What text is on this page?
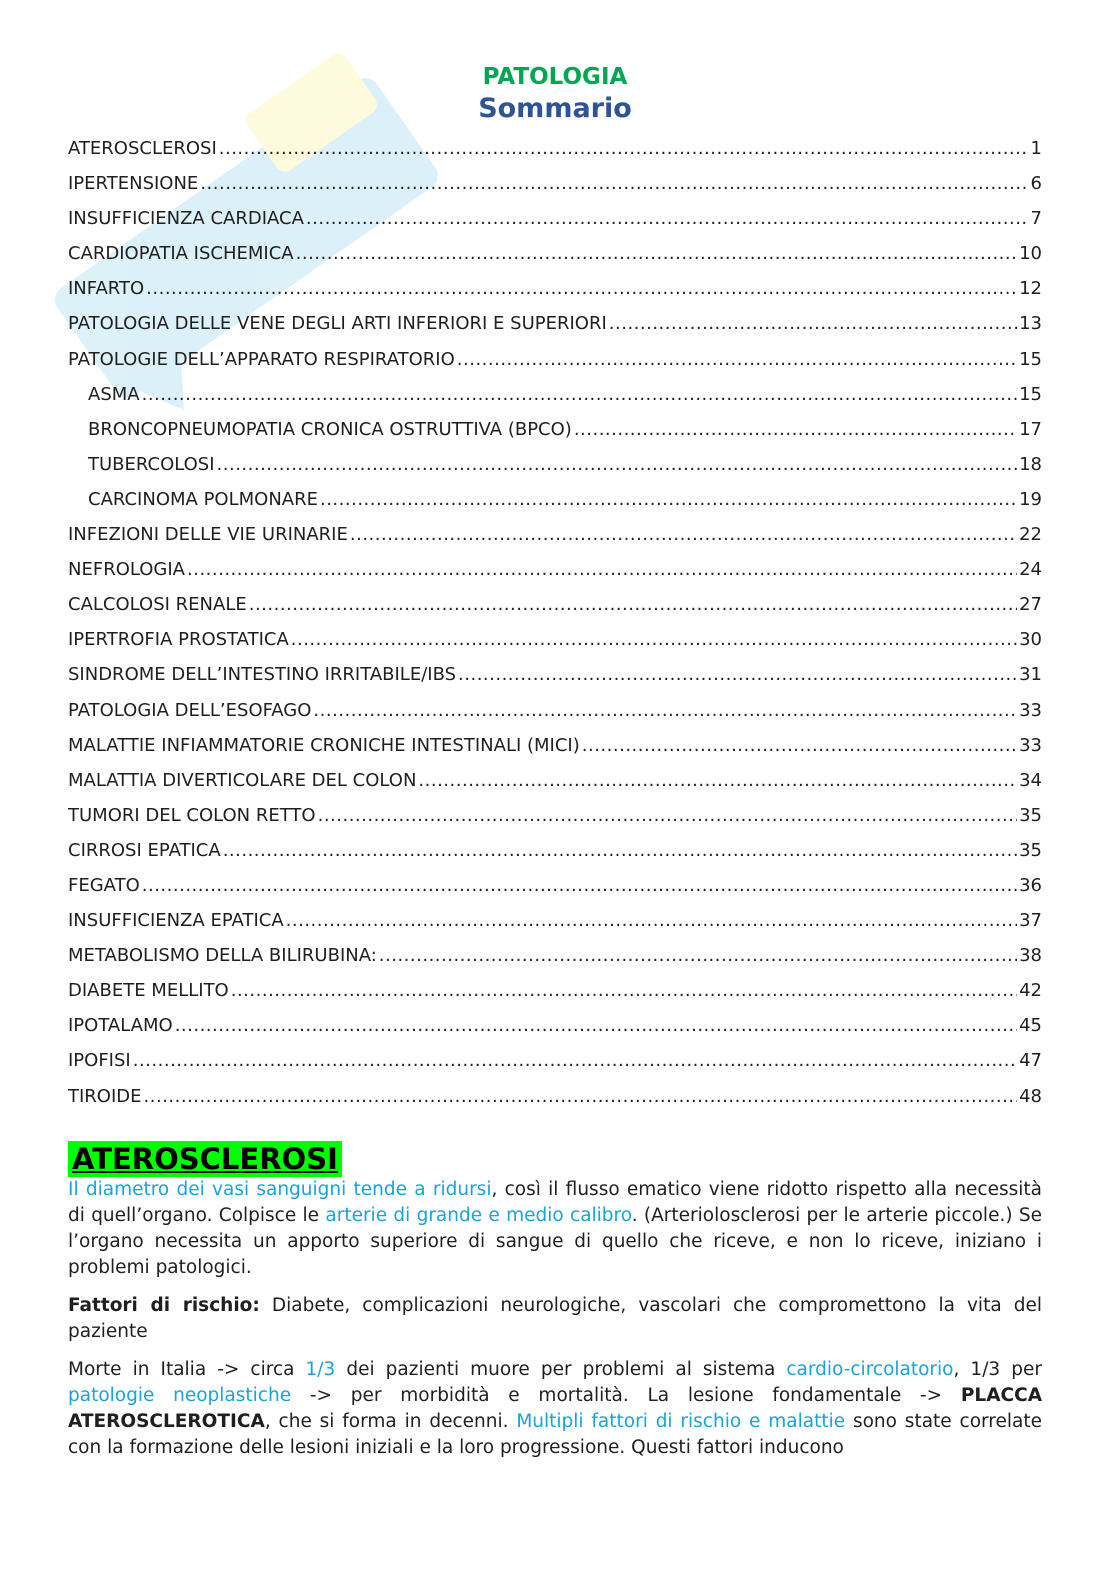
PATOLOGIA
Sommario
ATEROSCLEROSI .....	1
IPERTENSIONE .....	6
INSUFFICIENZA CARDIACA .....	7
CARDIOPATIA ISCHEMICA .....	10
INFARTO .....	12
PATOLOGIA DELLE VENE DEGLI ARTI INFERIORI E SUPERIORI .....	13
PATOLOGIE DELL’APPARATO RESPIRATORIO .....	15
ASMA .....	15
BRONCOPNEUMOPATIA CRONICA OSTRUTTIVA (BPCO) .....	17
TUBERCOLOSI .....	18
CARCINOMA POLMONARE .....	19
INFEZIONI DELLE VIE URINARIE .....	22
NEFROLOGIA .....	24
CALCOLOSI RENALE .....	27
IPERTROFIA PROSTATICA .....	30
SINDROME DELL’INTESTINO IRRITABILE/IBS .....	31
PATOLOGIA DELL’ESOFAGO .....	33
MALATTIE INFIAMMATORIE CRONICHE INTESTINALI (MICI) .....	33
MALATTIA DIVERTICOLARE DEL COLON .....	34
TUMORI DEL COLON RETTO .....	35
CIRROSI EPATICA .....	35
FEGATO .....	36
INSUFFICIENZA EPATICA .....	37
METABOLISMO DELLA BILIRUBINA: .....	38
DIABETE MELLITO .....	42
IPOTALAMO .....	45
IPOFISI .....	47
TIROIDE .....	48
ATEROSCLEROSI

Il diametro dei vasi sanguigni tende a ridursi, così il flusso ematico viene ridotto rispetto alla necessità di quell’organo. Colpisce le arterie di grande e medio calibro. (Arteriolosclerosi per le arterie piccole.) Se l’organo necessita un apporto superiore di sangue di quello che riceve, e non lo riceve, iniziano i problemi patologici.

Fattori di rischio: Diabete, complicazioni neurologiche, vascolari che compromettono la vita del paziente

Morte in Italia -> circa 1/3 dei pazienti muore per problemi al sistema cardio-circolatorio, 1/3 per patologie neoplastiche -> per morbidità e mortalità. La lesione fondamentale -> PLACCA ATEROSCLEROTICA, che si forma in decenni. Multipli fattori di rischio e malattie sono state correlate con la formazione delle lesioni iniziali e la loro progressione. Questi fattori inducono
